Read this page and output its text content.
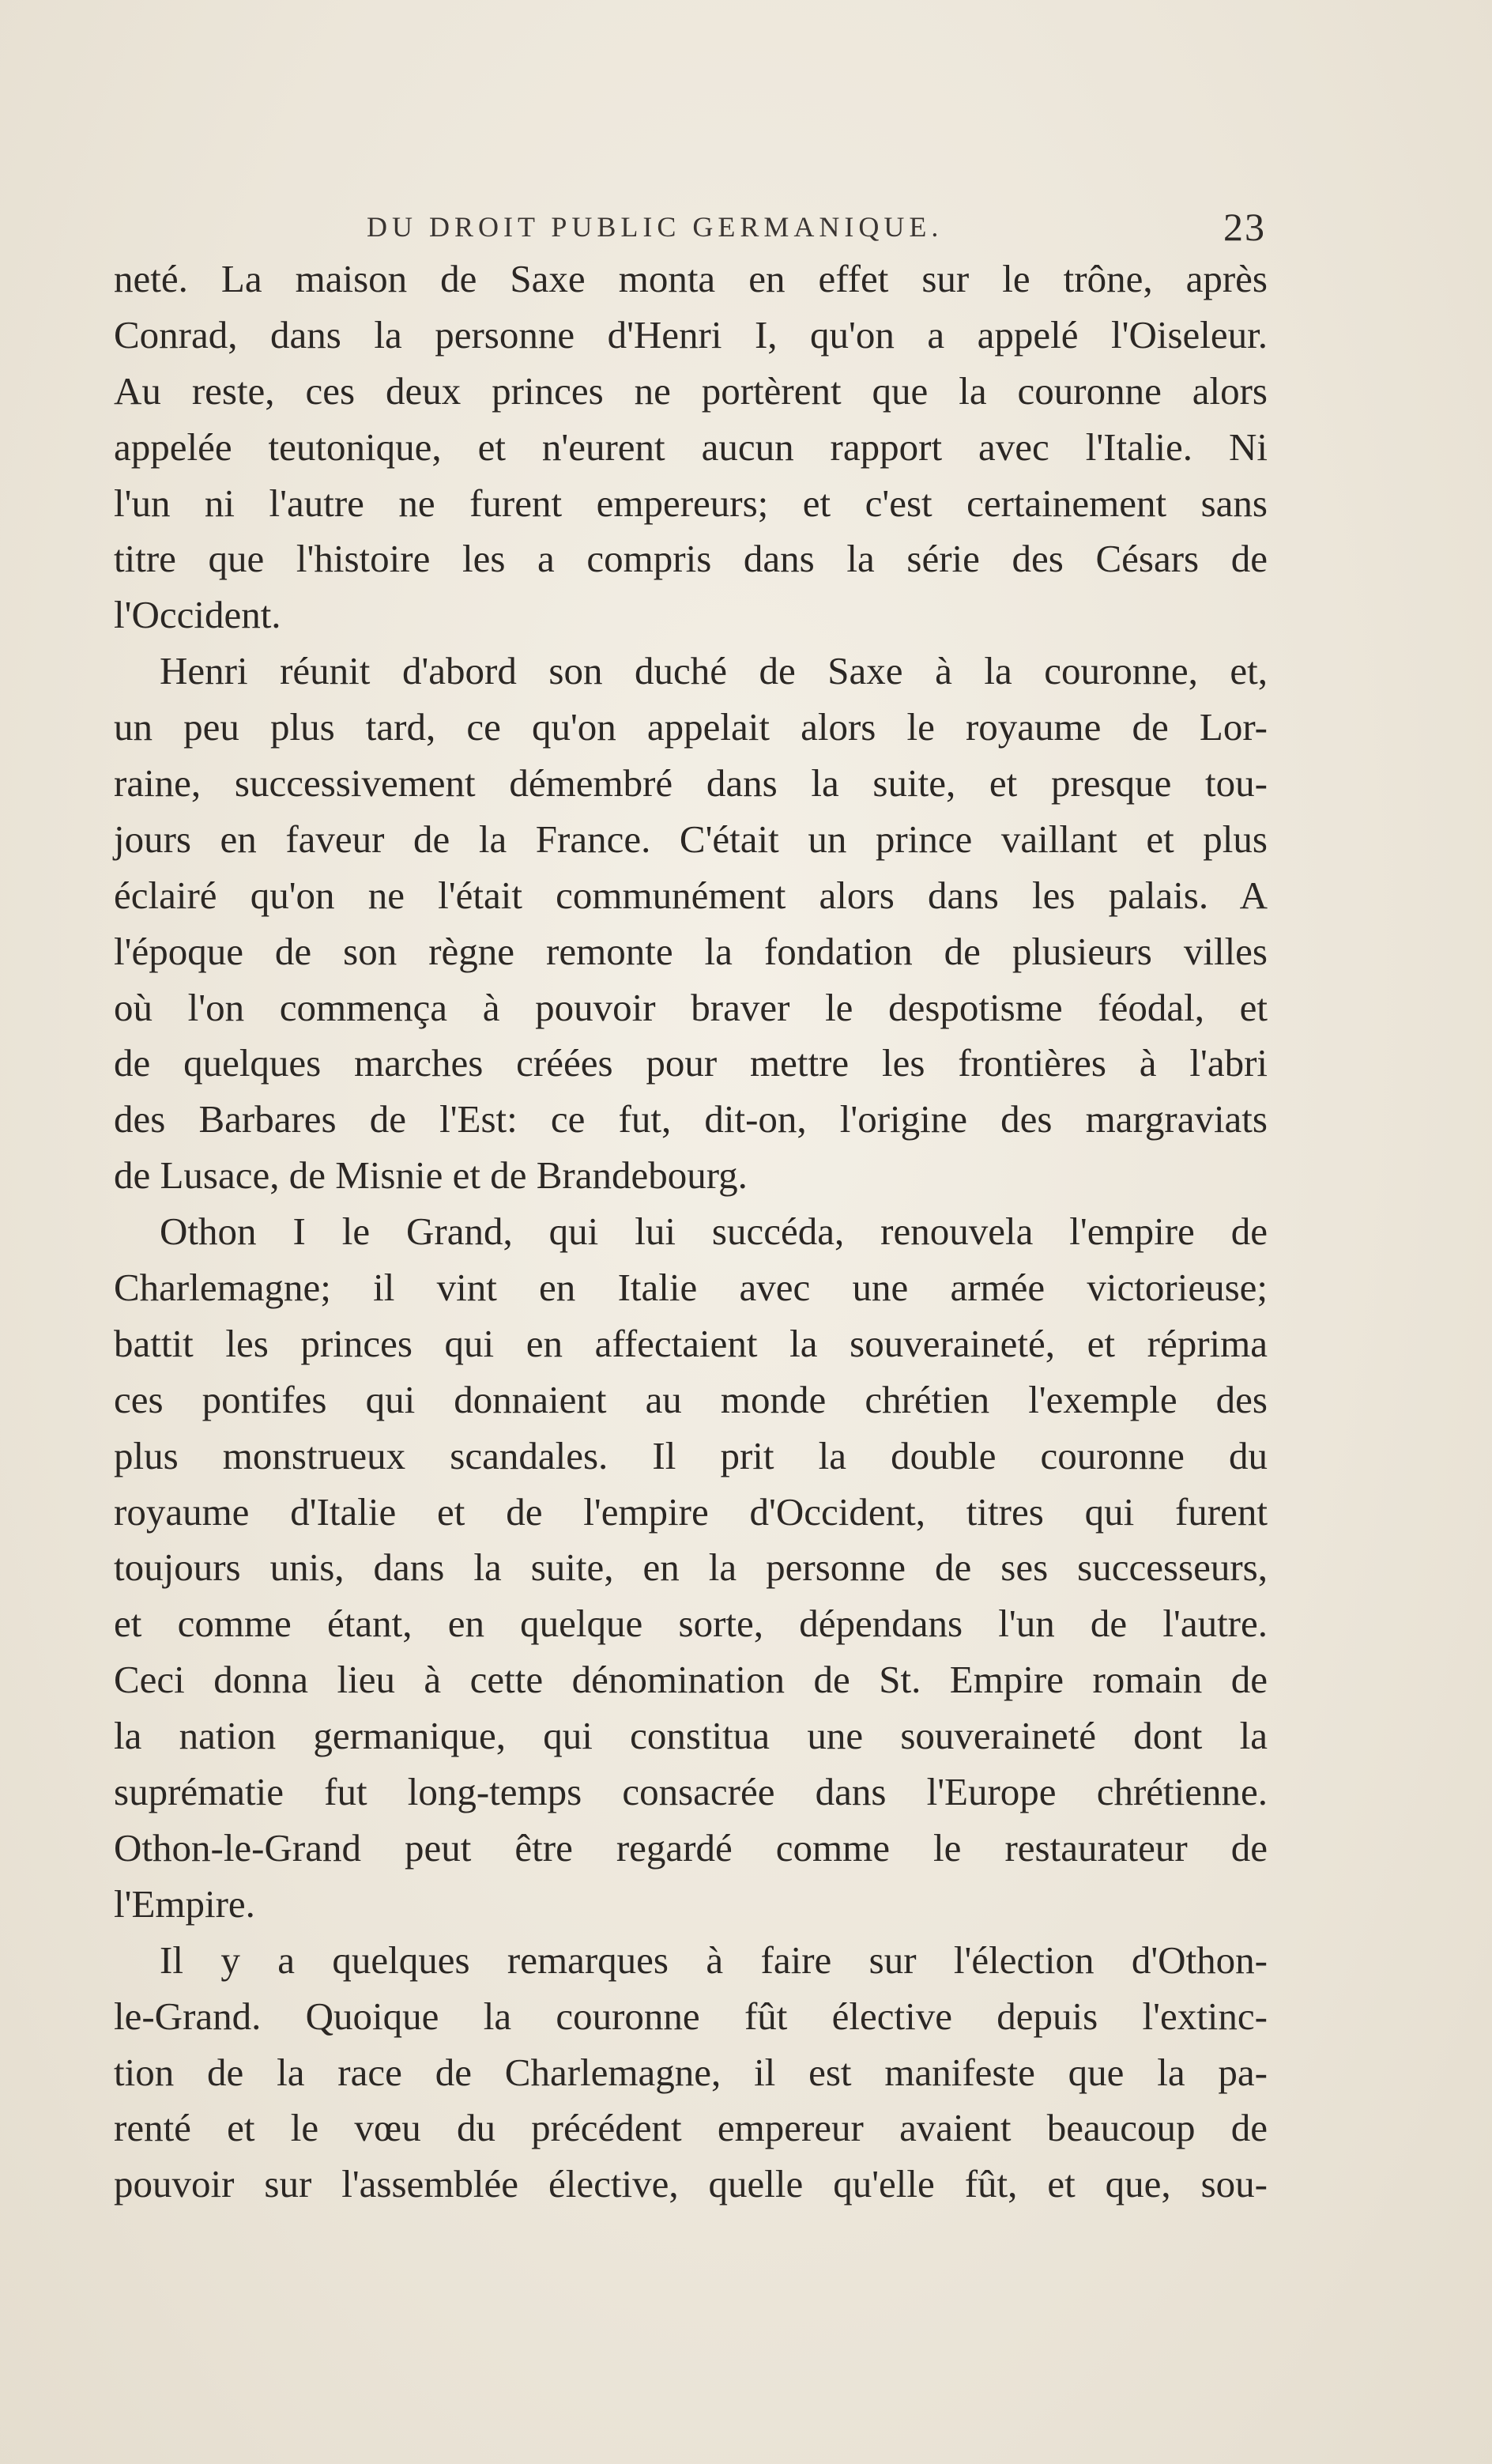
DU DROIT PUBLIC GERMANIQUE.	23
neté. La maison de Saxe monta en effet sur le trône, après
Conrad, dans la personne d'Henri I, qu'on a appelé l'Oiseleur.
Au reste, ces deux princes ne portèrent que la couronne alors
appelée teutonique, et n'eurent aucun rapport avec l'Italie. Ni
l'un ni l'autre ne furent empereurs; et c'est certainement sans
titre que l'histoire les a compris dans la série des Césars de
l'Occident.
Henri réunit d'abord son duché de Saxe à la couronne, et,
un peu plus tard, ce qu'on appelait alors le royaume de Lor-
raine, successivement démembré dans la suite, et presque tou-
jours en faveur de la France. C'était un prince vaillant et plus
éclairé qu'on ne l'était communément alors dans les palais. A
l'époque de son règne remonte la fondation de plusieurs villes
où l'on commença à pouvoir braver le despotisme féodal, et
de quelques marches créées pour mettre les frontières à l'abri
des Barbares de l'Est: ce fut, dit-on, l'origine des margraviats
de Lusace, de Misnie et de Brandebourg.
Othon I le Grand, qui lui succéda, renouvela l'empire de
Charlemagne; il vint en Italie avec une armée victorieuse;
battit les princes qui en affectaient la souveraineté, et réprima
ces pontifes qui donnaient au monde chrétien l'exemple des
plus monstrueux scandales. Il prit la double couronne du
royaume d'Italie et de l'empire d'Occident, titres qui furent
toujours unis, dans la suite, en la personne de ses successeurs,
et comme étant, en quelque sorte, dépendans l'un de l'autre.
Ceci donna lieu à cette dénomination de St. Empire romain de
la nation germanique, qui constitua une souveraineté dont la
suprématie fut long-temps consacrée dans l'Europe chrétienne.
Othon-le-Grand peut être regardé comme le restaurateur de
l'Empire.
Il y a quelques remarques à faire sur l'élection d'Othon-
le-Grand. Quoique la couronne fût élective depuis l'extinc-
tion de la race de Charlemagne, il est manifeste que la pa-
renté et le vœu du précédent empereur avaient beaucoup de
pouvoir sur l'assemblée élective, quelle qu'elle fût, et que, sou-
